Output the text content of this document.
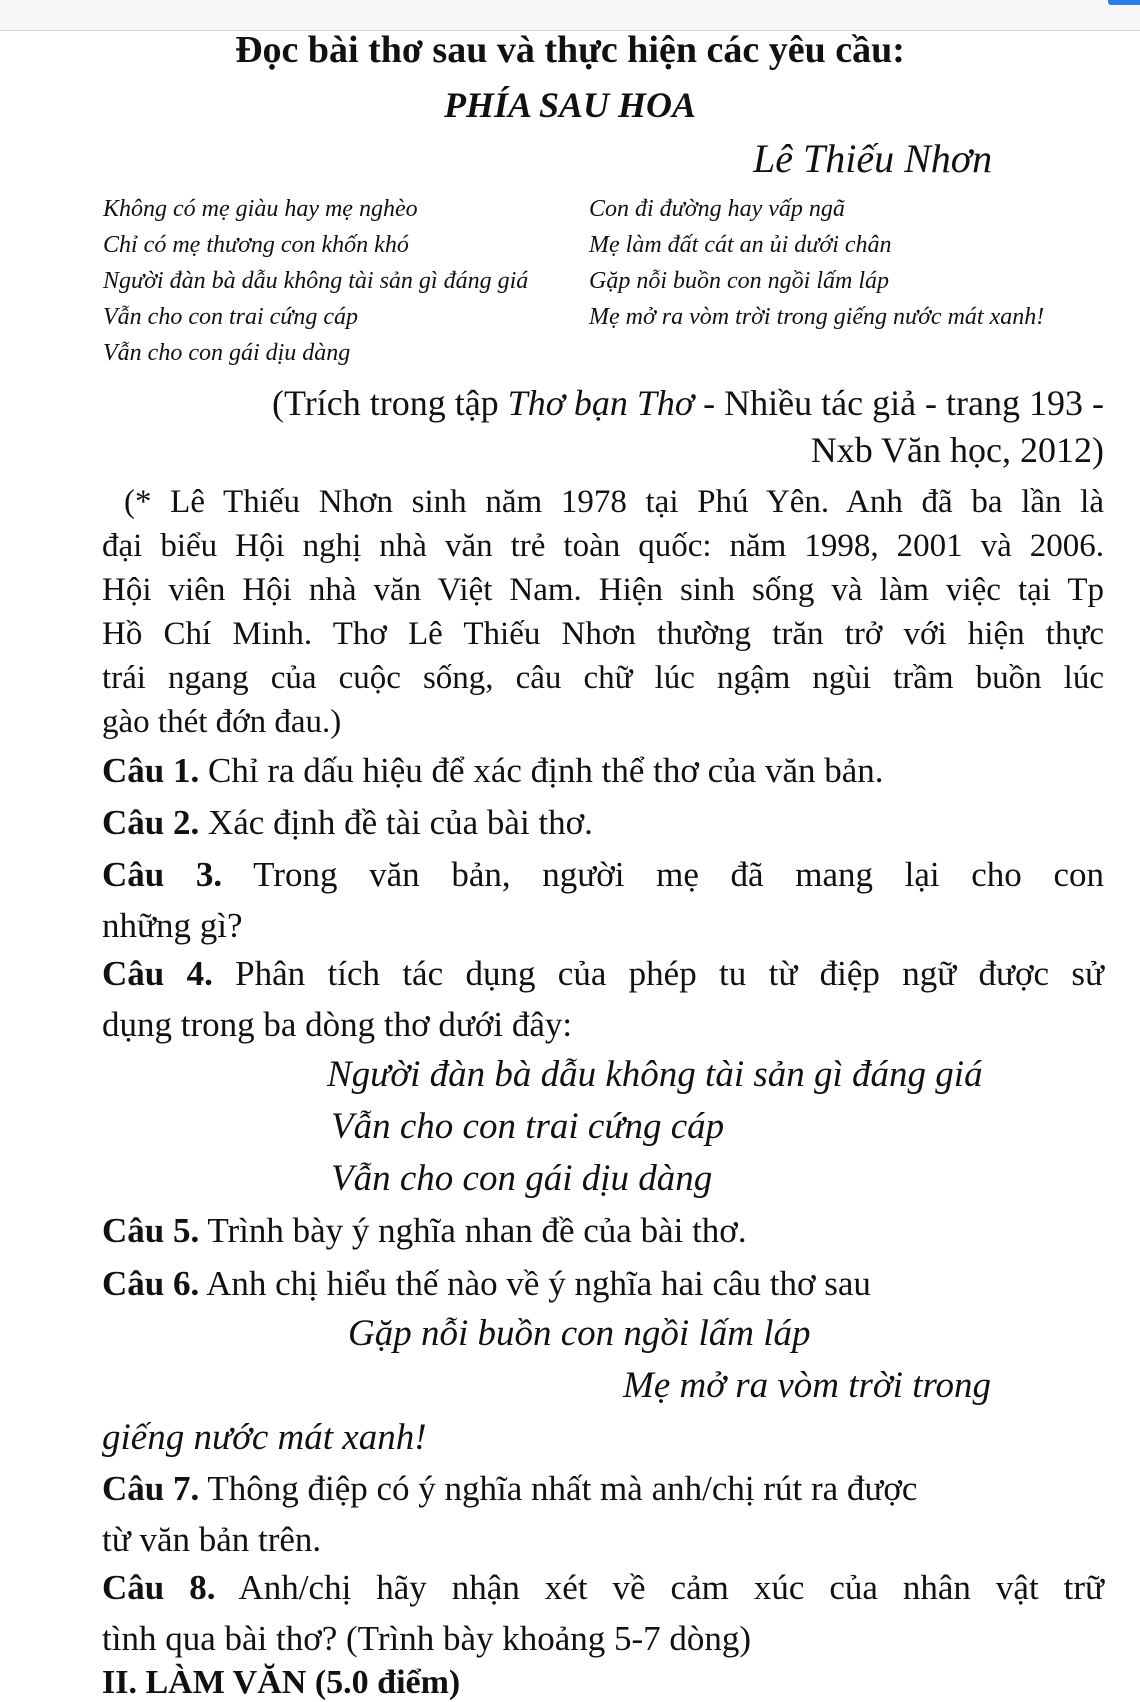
Đọc bài thơ sau và thực hiện các yêu cầu:
PHÍA SAU HOA
Lê Thiếu Nhơn
Không có mẹ giàu hay mẹ nghèo
Chỉ có mẹ thương con khốn khó
Người đàn bà dẫu không tài sản gì đáng giá
Vẫn cho con trai cứng cáp
Vẫn cho con gái dịu dàng
Con đi đường hay vấp ngã
Mẹ làm đất cát an ủi dưới chân
Gặp nỗi buồn con ngồi lấm láp
Mẹ mở ra vòm trời trong giếng nước mát xanh!
(Trích trong tập Thơ bạn Thơ - Nhiều tác giả - trang 193 -
Nxb Văn học, 2012)
(* Lê Thiếu Nhơn sinh năm 1978 tại Phú Yên. Anh đã ba lần là
đại biểu Hội nghị nhà văn trẻ toàn quốc: năm 1998, 2001 và 2006.
Hội viên Hội nhà văn Việt Nam. Hiện sinh sống và làm việc tại Tp
Hồ Chí Minh. Thơ Lê Thiếu Nhơn thường trăn trở với hiện thực
trái ngang của cuộc sống, câu chữ lúc ngậm ngùi trầm buồn lúc
gào thét đớn đau.)
Câu 1. Chỉ ra dấu hiệu để xác định thể thơ của văn bản.
Câu 2. Xác định đề tài của bài thơ.
Câu 3. Trong văn bản, người mẹ đã mang lại cho con
những gì?
Câu 4. Phân tích tác dụng của phép tu từ điệp ngữ được sử
dụng trong ba dòng thơ dưới đây:
Người đàn bà dẫu không tài sản gì đáng giá
Vẫn cho con trai cứng cáp
Vẫn cho con gái dịu dàng
Câu 5. Trình bày ý nghĩa nhan đề của bài thơ.
Câu 6. Anh chị hiểu thế nào về ý nghĩa hai câu thơ sau
Gặp nỗi buồn con ngồi lấm láp
Mẹ mở ra vòm trời trong
giếng nước mát xanh!
Câu 7. Thông điệp có ý nghĩa nhất mà anh/chị rút ra được
từ văn bản trên.
Câu 8. Anh/chị hãy nhận xét về cảm xúc của nhân vật trữ
tình qua bài thơ? (Trình bày khoảng 5-7 dòng)
II. LÀM VĂN (5.0 điểm)
